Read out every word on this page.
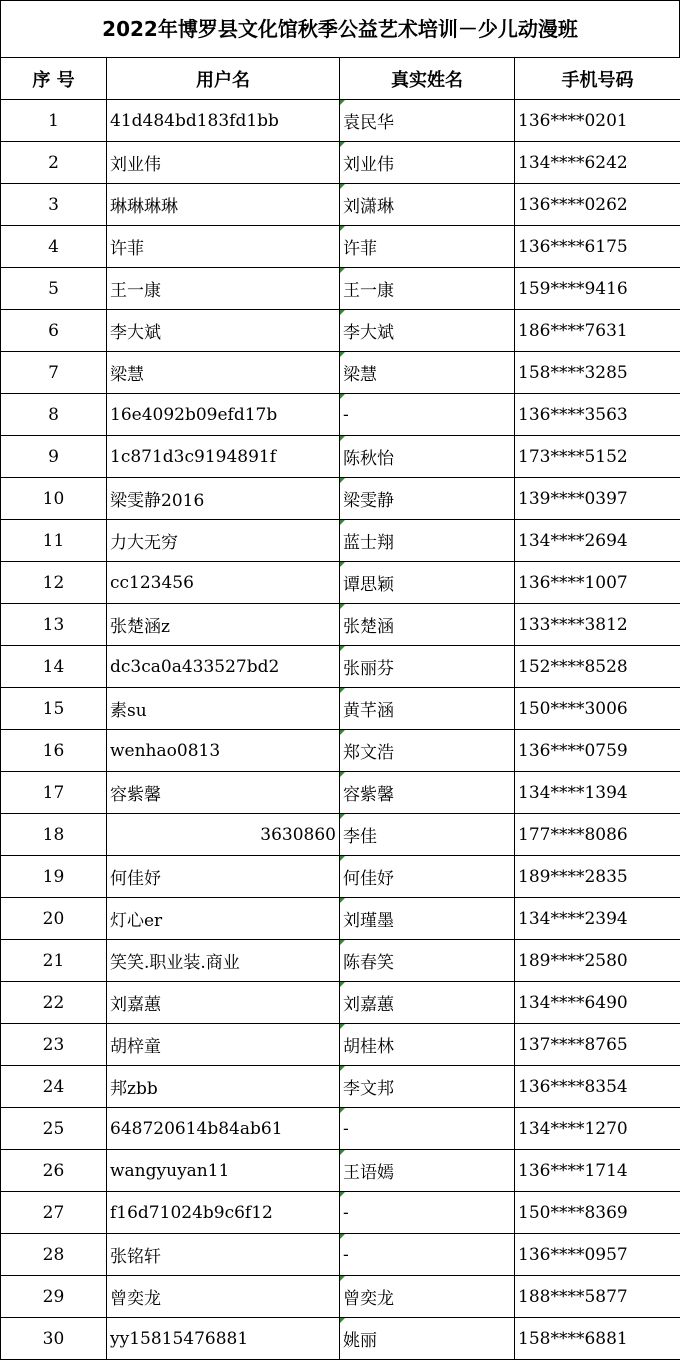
2022年博罗县文化馆秋季公益艺术培训－少儿动漫班
序 号	用户名	真实姓名	手机号码
1	41d484bd183fd1bb	袁民华	136****0201
2	刘业伟	刘业伟	134****6242
3	琳琳琳琳	刘潇琳	136****0262
4	许菲	许菲	136****6175
5	王一康	王一康	159****9416
6	李大斌	李大斌	186****7631
7	梁慧	梁慧	158****3285
8	16e4092b09efd17b	-	136****3563
9	1c871d3c9194891f	陈秋怡	173****5152
10	梁雯静2016	梁雯静	139****0397
11	力大无穷	蓝士翔	134****2694
12	cc123456	谭思颖	136****1007
13	张楚涵z	张楚涵	133****3812
14	dc3ca0a433527bd2	张丽芬	152****8528
15	素su	黄芊涵	150****3006
16	wenhao0813	郑文浩	136****0759
17	容紫馨	容紫馨	134****1394
18	3630860	李佳	177****8086
19	何佳妤	何佳妤	189****2835
20	灯心er	刘瑾墨	134****2394
21	笑笑.职业装.商业	陈春笑	189****2580
22	刘嘉蕙	刘嘉蕙	134****6490
23	胡梓童	胡桂林	137****8765
24	邦zbb	李文邦	136****8354
25	648720614b84ab61	-	134****1270
26	wangyuyan11	王语嫣	136****1714
27	f16d71024b9c6f12	-	150****8369
28	张铭轩	-	136****0957
29	曾奕龙	曾奕龙	188****5877
30	yy15815476881	姚丽	158****6881
